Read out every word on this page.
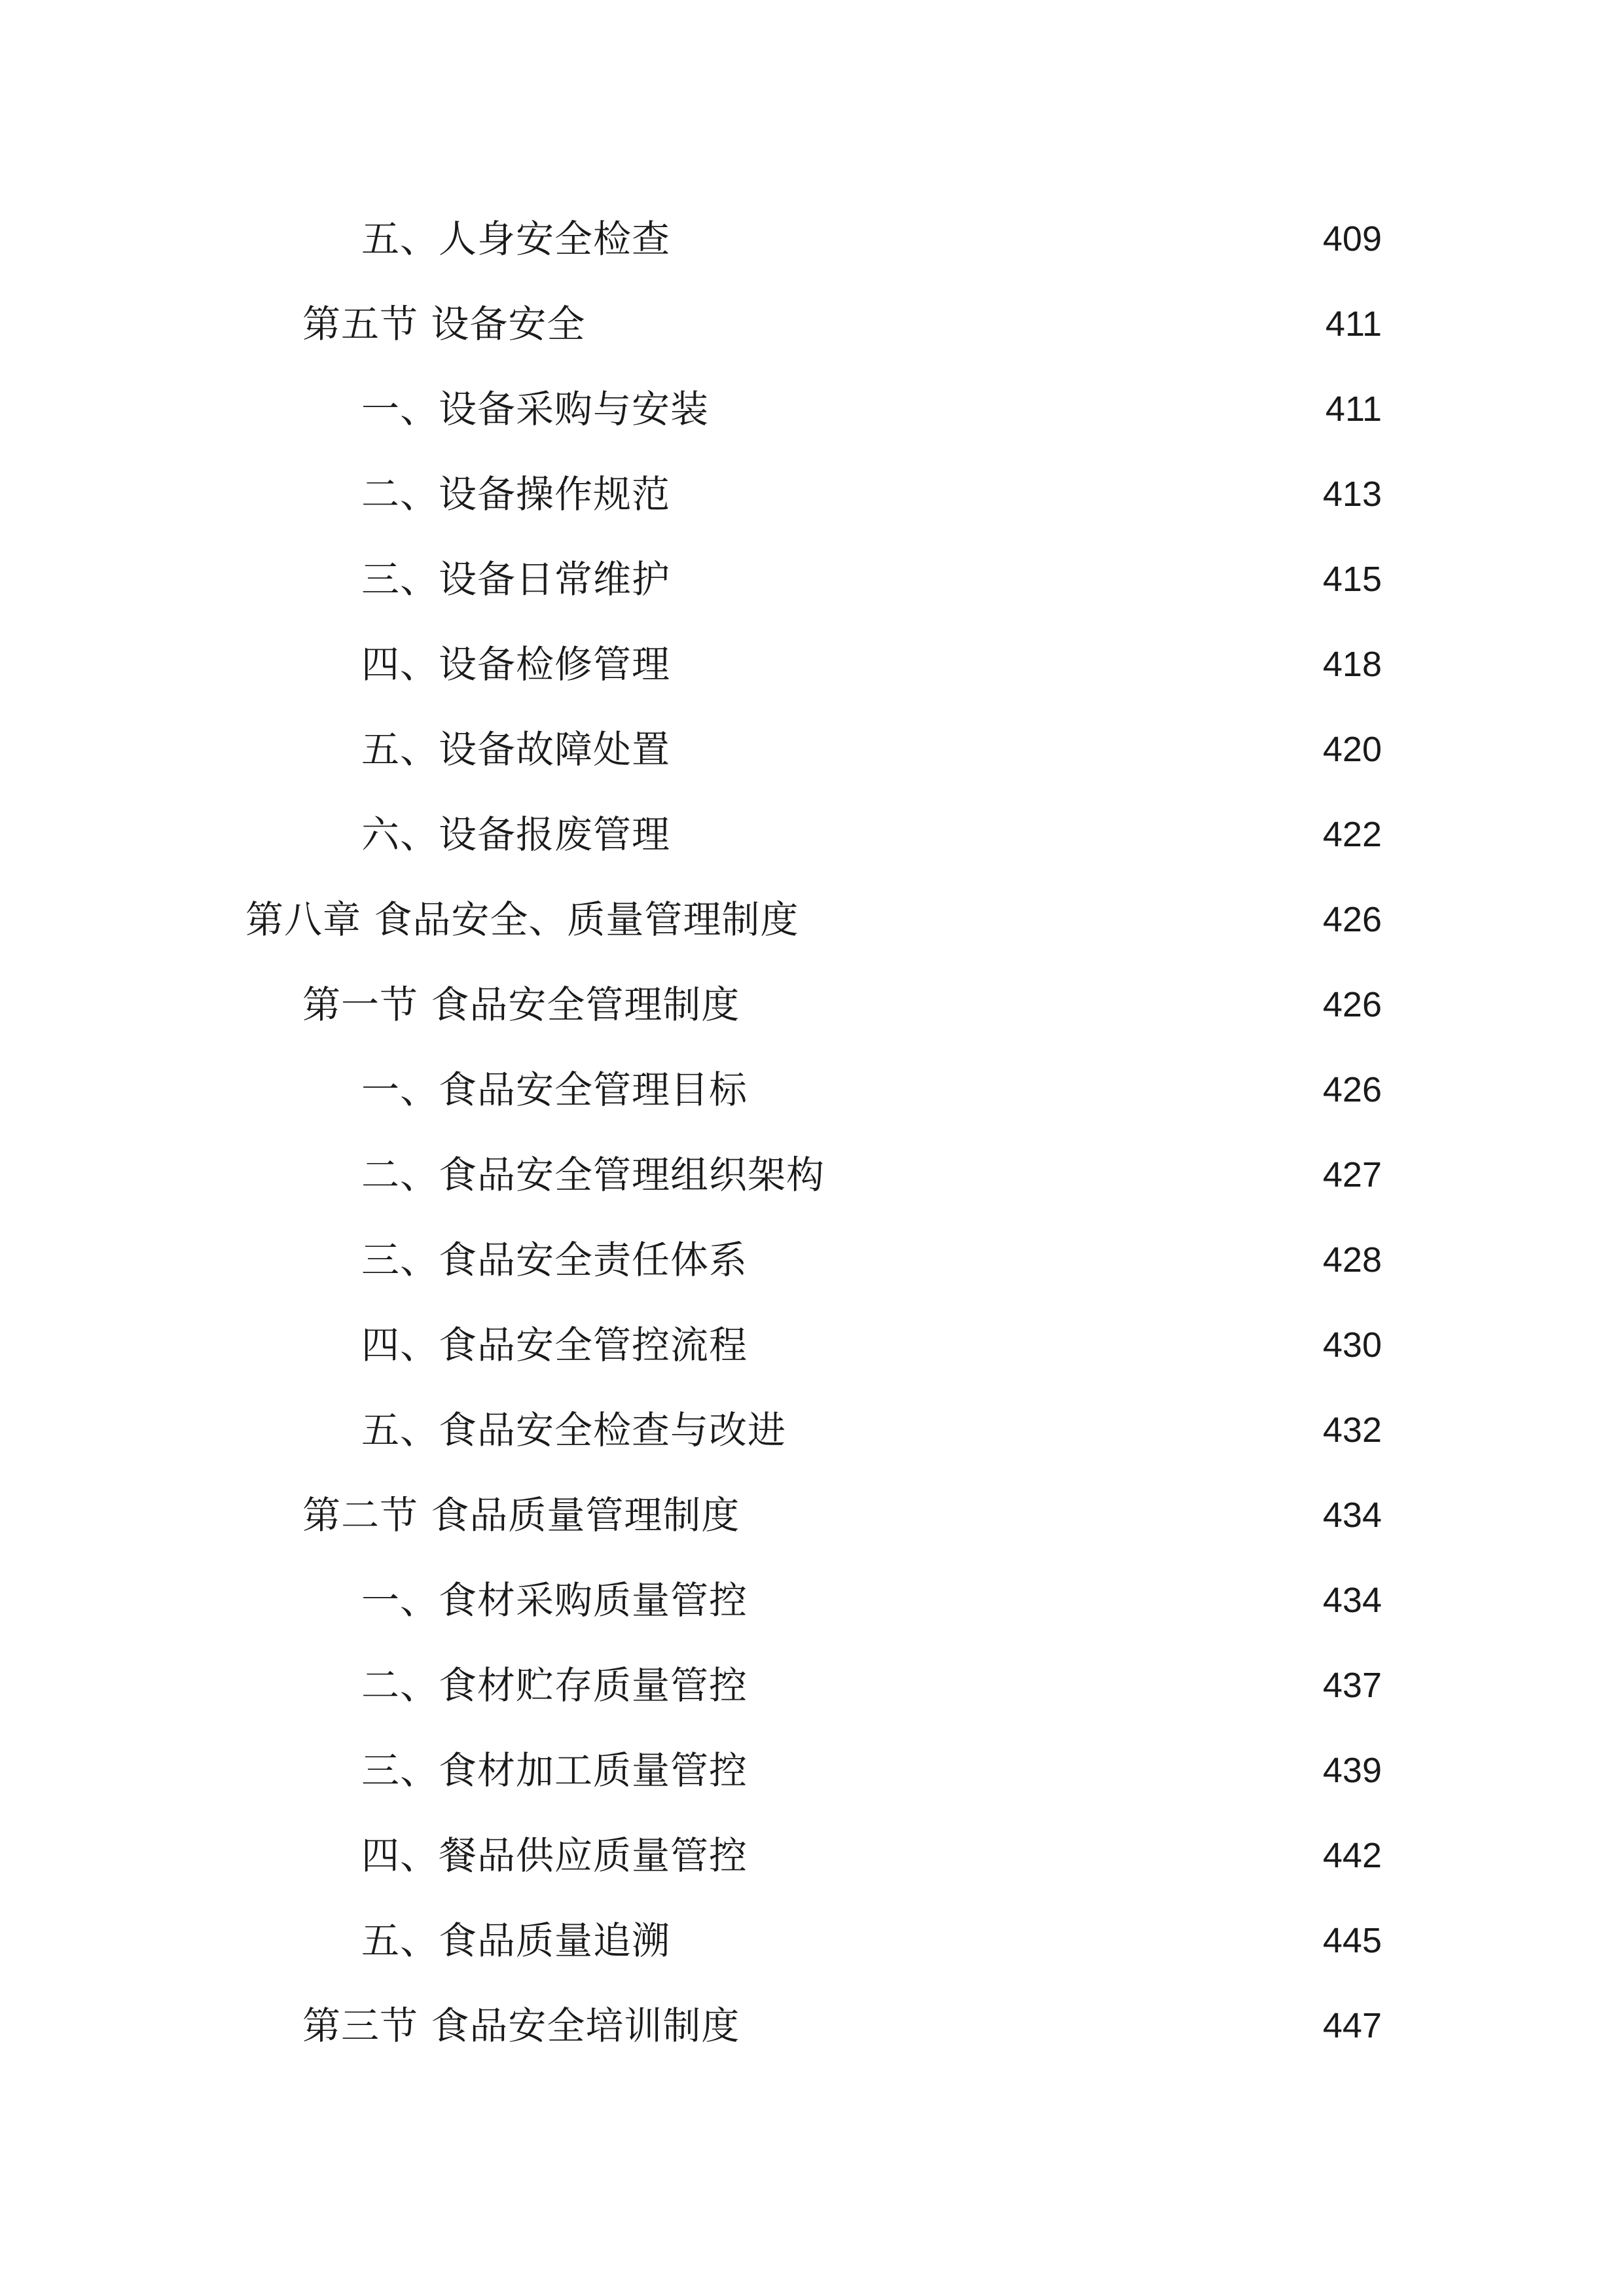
五、人身安全检查	409
第五节 设备安全	411
一、设备采购与安装	411
二、设备操作规范	413
三、设备日常维护	415
四、设备检修管理	418
五、设备故障处置	420
六、设备报废管理	422
第八章 食品安全、质量管理制度	426
第一节 食品安全管理制度	426
一、食品安全管理目标	426
二、食品安全管理组织架构	427
三、食品安全责任体系	428
四、食品安全管控流程	430
五、食品安全检查与改进	432
第二节 食品质量管理制度	434
一、食材采购质量管控	434
二、食材贮存质量管控	437
三、食材加工质量管控	439
四、餐品供应质量管控	442
五、食品质量追溯	445
第三节 食品安全培训制度	447
